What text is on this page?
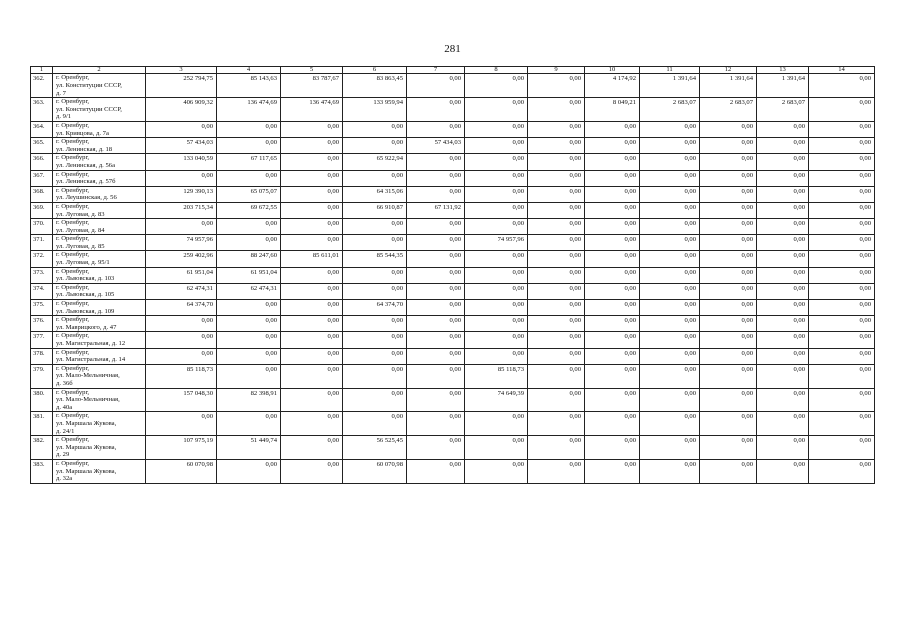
281
1	2	3	4	5	6	7	8	9	10	11	12	13	14
362.	г. Оренбург,
ул. Конституции СССР,
д. 7	252 794,75	85 143,63	83 787,67	83 863,45	0,00	0,00	0,00	4 174,92	1 391,64	1 391,64	1 391,64	0,00
363.	г. Оренбург,
ул. Конституции СССР,
д. 9/1	406 909,32	136 474,69	136 474,69	133 959,94	0,00	0,00	0,00	8 049,21	2 683,07	2 683,07	2 683,07	0,00
364.	г. Оренбург,
ул. Кривцова, д. 7а	0,00	0,00	0,00	0,00	0,00	0,00	0,00	0,00	0,00	0,00	0,00	0,00
365.	г. Оренбург,
ул. Ленинская, д. 18	57 434,03	0,00	0,00	0,00	57 434,03	0,00	0,00	0,00	0,00	0,00	0,00	0,00
366.	г. Оренбург,
ул. Ленинская, д. 56а	133 040,59	67 117,65	0,00	65 922,94	0,00	0,00	0,00	0,00	0,00	0,00	0,00	0,00
367.	г. Оренбург,
ул. Ленинская, д. 57б	0,00	0,00	0,00	0,00	0,00	0,00	0,00	0,00	0,00	0,00	0,00	0,00
368.	г. Оренбург,
ул. Леушинская, д. 56	129 390,13	65 075,07	0,00	64 315,06	0,00	0,00	0,00	0,00	0,00	0,00	0,00	0,00
369.	г. Оренбург,
ул. Луговая, д. 83	203 715,34	69 672,55	0,00	66 910,87	67 131,92	0,00	0,00	0,00	0,00	0,00	0,00	0,00
370.	г. Оренбург,
ул. Луговая, д. 84	0,00	0,00	0,00	0,00	0,00	0,00	0,00	0,00	0,00	0,00	0,00	0,00
371.	г. Оренбург,
ул. Луговая, д. 85	74 957,96	0,00	0,00	0,00	0,00	74 957,96	0,00	0,00	0,00	0,00	0,00	0,00
372.	г. Оренбург,
ул. Луговая, д. 95/1	259 402,96	88 247,60	85 611,01	85 544,35	0,00	0,00	0,00	0,00	0,00	0,00	0,00	0,00
373.	г. Оренбург,
ул. Львовская, д. 103	61 951,04	61 951,04	0,00	0,00	0,00	0,00	0,00	0,00	0,00	0,00	0,00	0,00
374.	г. Оренбург,
ул. Львовская, д. 105	62 474,31	62 474,31	0,00	0,00	0,00	0,00	0,00	0,00	0,00	0,00	0,00	0,00
375.	г. Оренбург,
ул. Львовская, д. 109	64 374,70	0,00	0,00	64 374,70	0,00	0,00	0,00	0,00	0,00	0,00	0,00	0,00
376.	г. Оренбург,
ул. Маврицкого, д. 47	0,00	0,00	0,00	0,00	0,00	0,00	0,00	0,00	0,00	0,00	0,00	0,00
377.	г. Оренбург,
ул. Магистральная, д. 12	0,00	0,00	0,00	0,00	0,00	0,00	0,00	0,00	0,00	0,00	0,00	0,00
378.	г. Оренбург,
ул. Магистральная, д. 14	0,00	0,00	0,00	0,00	0,00	0,00	0,00	0,00	0,00	0,00	0,00	0,00
379.	г. Оренбург,
ул. Мало-Мельничная,
д. 36б	85 118,73	0,00	0,00	0,00	0,00	85 118,73	0,00	0,00	0,00	0,00	0,00	0,00
380.	г. Оренбург,
ул. Мало-Мельничная,
д. 40а	157 048,30	82 398,91	0,00	0,00	0,00	74 649,39	0,00	0,00	0,00	0,00	0,00	0,00
381.	г. Оренбург,
ул. Маршала Жукова,
д. 24/1	0,00	0,00	0,00	0,00	0,00	0,00	0,00	0,00	0,00	0,00	0,00	0,00
382.	г. Оренбург,
ул. Маршала Жукова,
д. 29	107 975,19	51 449,74	0,00	56 525,45	0,00	0,00	0,00	0,00	0,00	0,00	0,00	0,00
383.	г. Оренбург,
ул. Маршала Жукова,
д. 32а	60 070,98	0,00	0,00	60 070,98	0,00	0,00	0,00	0,00	0,00	0,00	0,00	0,00
